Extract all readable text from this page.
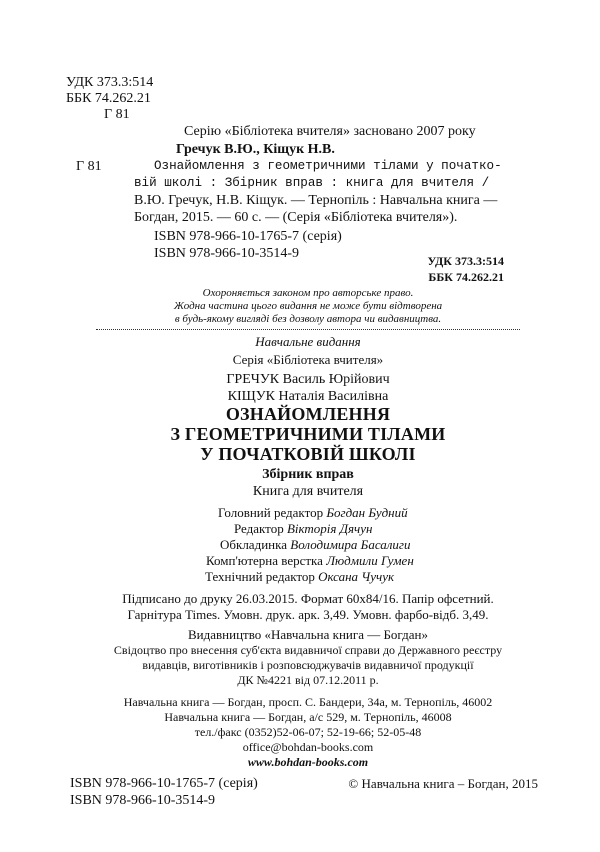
УДК 373.3:514
ББК 74.262.21
Г 81
Серію «Бібліотека вчителя» засновано 2007 року
Гречук В.Ю., Кіщук Н.В.
Г 81	Ознайомлення з геометричними тілами у початко-
вій школі : Збірник вправ : книга для вчителя /
В.Ю. Гречук, Н.В. Кіщук. — Тернопіль : Навчальна книга —
Богдан, 2015. — 60 с. — (Серія «Бібліотека вчителя»).
ISBN 978-966-10-1765-7 (серія)
ISBN 978-966-10-3514-9	УДК 373.3:514
ББК 74.262.21
Охороняється законом про авторське право.
Жодна частина цього видання не може бути відтворена
в будь-якому вигляді без дозволу автора чи видавництва.
Навчальне видання
Серія «Бібліотека вчителя»
ГРЕЧУК Василь Юрійович
КІЩУК Наталія Василівна
ОЗНАЙОМЛЕННЯ
З ГЕОМЕТРИЧНИМИ ТІЛАМИ
У ПОЧАТКОВІЙ ШКОЛІ
Збірник вправ
Книга для вчителя
Головний редактор Богдан Будний
Редактор Вікторія Дячун
Обкладинка Володимира Басалиги
Комп'ютерна верстка Людмили Гумен
Технічний редактор Оксана Чучук
Підписано до друку 26.03.2015. Формат 60х84/16. Папір офсетний.
Гарнітура Times. Умовн. друк. арк. 3,49. Умовн. фарбо-відб. 3,49.
Видавництво «Навчальна книга — Богдан»
Свідоцтво про внесення суб'єкта видавничої справи до Державного реєстру
видавців, виготівників і розповсюджувачів видавничої продукції
ДК №4221 від 07.12.2011 р.
Навчальна книга — Богдан, просп. С. Бандери, 34а, м. Тернопіль, 46002
Навчальна книга — Богдан, а/с 529, м. Тернопіль, 46008
тел./факс (0352)52-06-07; 52-19-66; 52-05-48
office@bohdan-books.com
www.bohdan-books.com
ISBN 978-966-10-1765-7 (серія)
ISBN 978-966-10-3514-9
© Навчальна книга – Богдан, 2015
